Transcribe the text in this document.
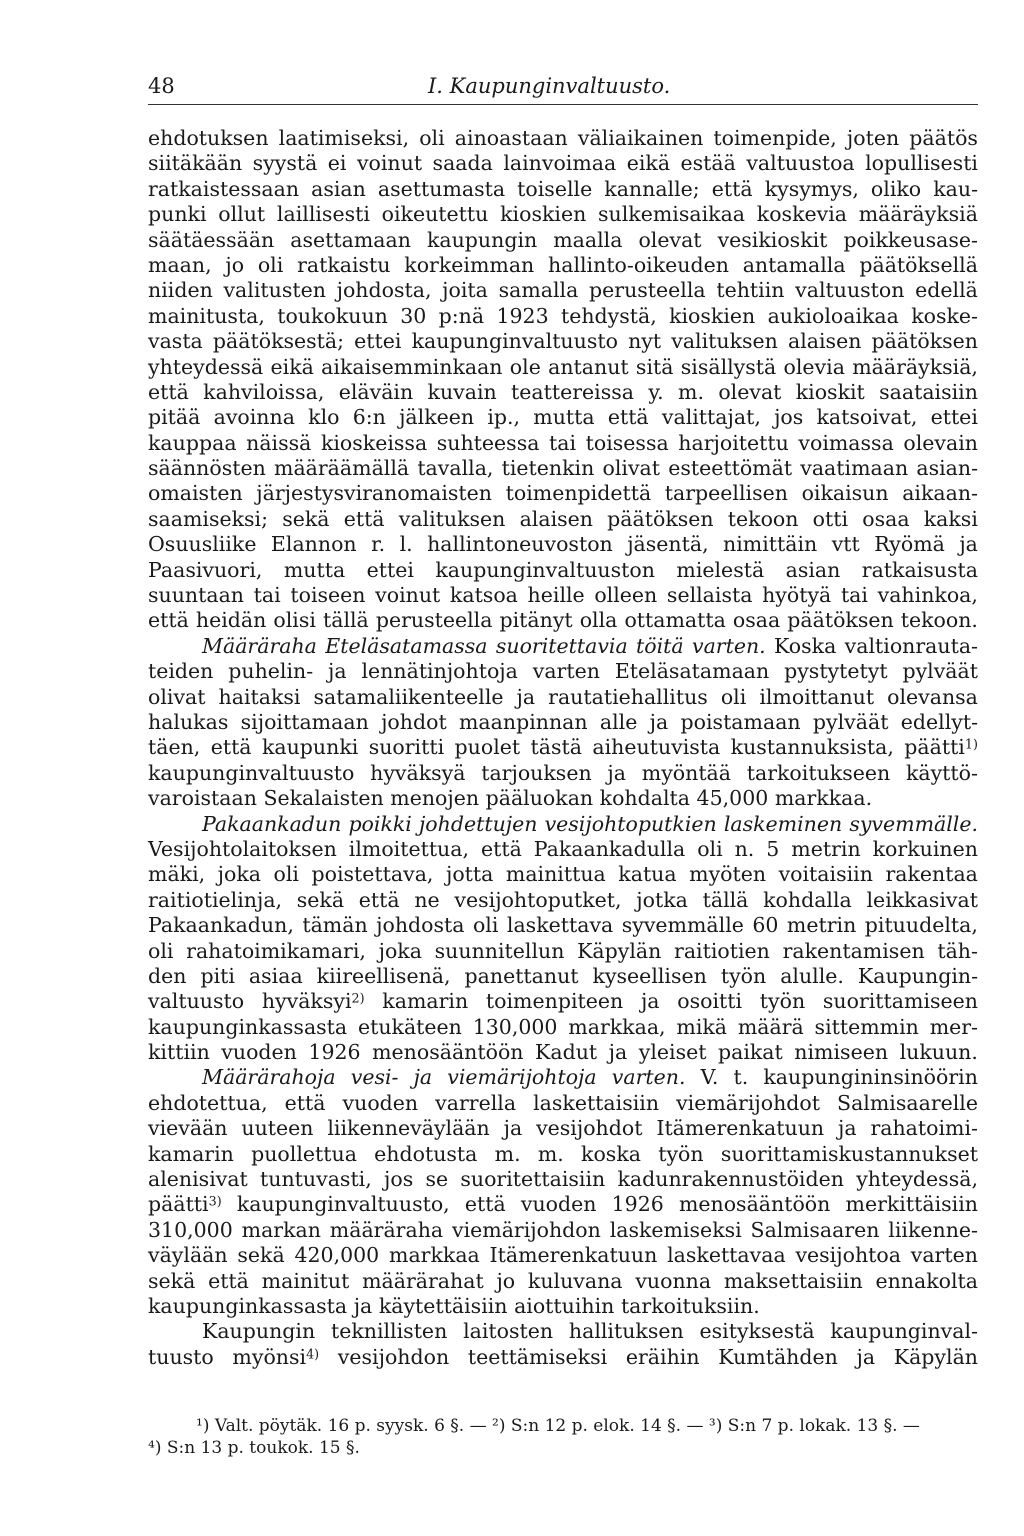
48	I. Kaupunginvaltuusto.
ehdotuksen laatimiseksi, oli ainoastaan väliaikainen toimenpide, joten päätös
siitäkään syystä ei voinut saada lainvoimaa eikä estää valtuustoa lopullisesti
ratkaistessaan asian asettumasta toiselle kannalle; että kysymys, oliko kau-
punki ollut laillisesti oikeutettu kioskien sulkemisaikaa koskevia määräyksiä
säätäessään asettamaan kaupungin maalla olevat vesikioskit poikkeusase-
maan, jo oli ratkaistu korkeimman hallinto-oikeuden antamalla päätöksellä
niiden valitusten johdosta, joita samalla perusteella tehtiin valtuuston edellä
mainitusta, toukokuun 30 p:nä 1923 tehdystä, kioskien aukioloaikaa koske-
vasta päätöksestä; ettei kaupunginvaltuusto nyt valituksen alaisen päätöksen
yhteydessä eikä aikaisemminkaan ole antanut sitä sisällystä olevia määräyksiä,
että kahviloissa, eläväin kuvain teattereissa y. m. olevat kioskit saataisiin
pitää avoinna klo 6:n jälkeen ip., mutta että valittajat, jos katsoivat, ettei
kauppaa näissä kioskeissa suhteessa tai toisessa harjoitettu voimassa olevain
säännösten määräämällä tavalla, tietenkin olivat esteettömät vaatimaan asian-
omaisten järjestysviranomaisten toimenpidettä tarpeellisen oikaisun aikaan-
saamiseksi; sekä että valituksen alaisen päätöksen tekoon otti osaa kaksi
Osuusliike Elannon r. l. hallintoneuvoston jäsentä, nimittäin vtt Ryömä ja
Paasivuori, mutta ettei kaupunginvaltuuston mielestä asian ratkaisusta
suuntaan tai toiseen voinut katsoa heille olleen sellaista hyötyä tai vahinkoa,
että heidän olisi tällä perusteella pitänyt olla ottamatta osaa päätöksen tekoon.
Määräraha Eteläsatamassa suoritettavia töitä varten. Koska valtionrauta-
teiden puhelin- ja lennätinjohtoja varten Eteläsatamaan pystytetyt pylväät
olivat haitaksi satamaliikenteelle ja rautatiehallitus oli ilmoittanut olevansa
halukas sijoittamaan johdot maanpinnan alle ja poistamaan pylväät edellyt-
täen, että kaupunki suoritti puolet tästä aiheutuvista kustannuksista, päätti$^{1)}$
kaupunginvaltuusto hyväksyä tarjouksen ja myöntää tarkoitukseen käyttö-
varoistaan Sekalaisten menojen pääluokan kohdalta 45,000 markkaa.
Pakaankadun poikki johdettujen vesijohtoputkien laskeminen syvemmälle.
Vesijohtolaitoksen ilmoitettua, että Pakaankadulla oli n. 5 metrin korkuinen
mäki, joka oli poistettava, jotta mainittua katua myöten voitaisiin rakentaa
raitiotielinja, sekä että ne vesijohtoputket, jotka tällä kohdalla leikkasivat
Pakaankadun, tämän johdosta oli laskettava syvemmälle 60 metrin pituudelta,
oli rahatoimikamari, joka suunnitellun Käpylän raitiotien rakentamisen täh-
den piti asiaa kiireellisenä, panettanut kyseellisen työn alulle. Kaupungin-
valtuusto hyväksyi$^{2)}$ kamarin toimenpiteen ja osoitti työn suorittamiseen
kaupunginkassasta etukäteen 130,000 markkaa, mikä määrä sittemmin mer-
kittiin vuoden 1926 menosääntöön Kadut ja yleiset paikat nimiseen lukuun.
Määrärahoja vesi- ja viemärijohtoja varten. V. t. kaupungininsinöörin
ehdotettua, että vuoden varrella laskettaisiin viemärijohdot Salmisaarelle
vievään uuteen liikenneväylään ja vesijohdot Itämerenkatuun ja rahatoimi-
kamarin puollettua ehdotusta m. m. koska työn suorittamiskustannukset
alenisivat tuntuvasti, jos se suoritettaisiin kadunrakennustöiden yhteydessä,
päätti$^{3)}$ kaupunginvaltuusto, että vuoden 1926 menosääntöön merkittäisiin
310,000 markan määräraha viemärijohdon laskemiseksi Salmisaaren liikenne-
väylään sekä 420,000 markkaa Itämerenkatuun laskettavaa vesijohtoa varten
sekä että mainitut määrärahat jo kuluvana vuonna maksettaisiin ennakolta
kaupunginkassasta ja käytettäisiin aiottuihin tarkoituksiin.
Kaupungin teknillisten laitosten hallituksen esityksestä kaupunginval-
tuusto myönsi$^{4)}$ vesijohdon teettämiseksi eräihin Kumtähden ja Käpylän
¹) Valt. pöytäk. 16 p. syysk. 6 §. — ²) S:n 12 p. elok. 14 §. — ³) S:n 7 p. lokak. 13 §. —
⁴) S:n 13 p. toukok. 15 §.
